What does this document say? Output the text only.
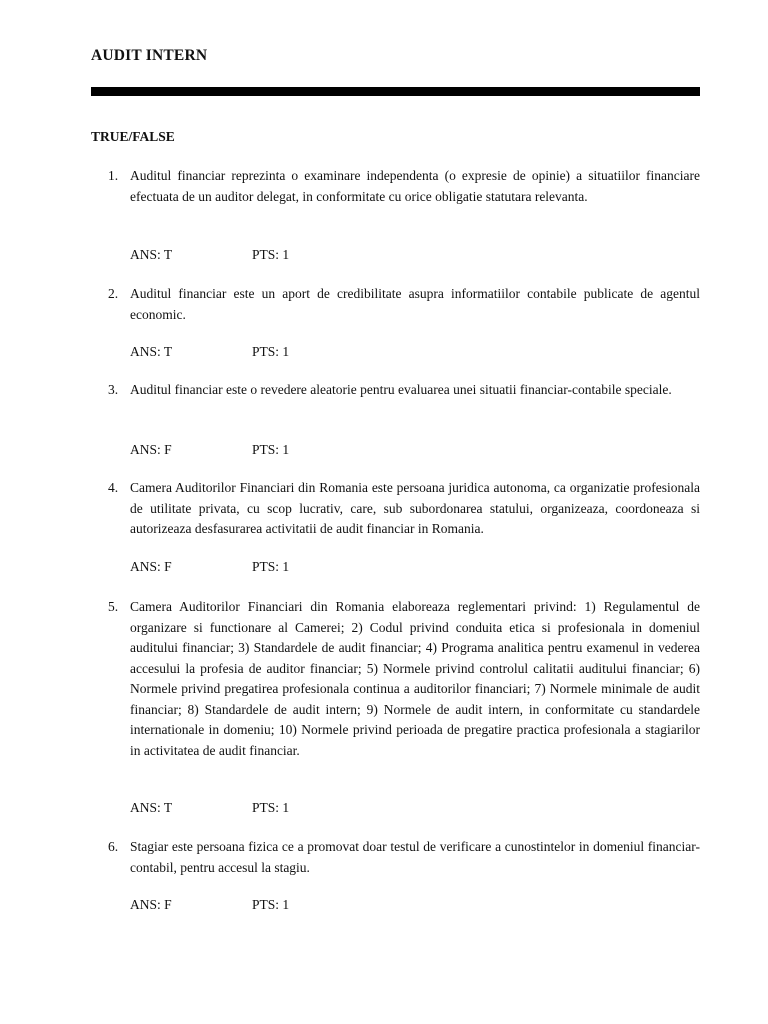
AUDIT INTERN
TRUE/FALSE
1. Auditul financiar reprezinta o examinare independenta (o expresie de opinie) a situatiilor financiare efectuata de un auditor delegat, in conformitate cu orice obligatie statutara relevanta.

ANS: T	PTS: 1
2. Auditul financiar este un aport de credibilitate asupra informatiilor contabile publicate de agentul economic.

ANS: T	PTS: 1
3. Auditul financiar este o revedere aleatorie pentru evaluarea unei situatii financiar-contabile speciale.

ANS: F	PTS: 1
4. Camera Auditorilor Financiari din Romania este persoana juridica autonoma, ca organizatie profesionala de utilitate privata, cu scop lucrativ, care, sub subordonarea statului, organizeaza, coordoneaza si autorizeaza desfasurarea activitatii de audit financiar in Romania.

ANS: F	PTS: 1
5. Camera Auditorilor Financiari din Romania elaboreaza reglementari privind: 1) Regulamentul de organizare si functionare al Camerei; 2) Codul privind conduita etica si profesionala in domeniul auditului financiar; 3) Standardele de audit financiar; 4) Programa analitica pentru examenul in vederea accesului la profesia de auditor financiar; 5) Normele privind controlul calitatii auditului financiar; 6) Normele privind pregatirea profesionala continua a auditorilor financiari; 7) Normele minimale de audit financiar; 8) Standardele de audit intern; 9) Normele de audit intern, in conformitate cu standardele internationale in domeniu; 10) Normele privind perioada de pregatire practica profesionala a stagiarilor in activitatea de audit financiar.

ANS: T	PTS: 1
6. Stagiar este persoana fizica ce a promovat doar testul de verificare a cunostintelor in domeniul financiar-contabil, pentru accesul la stagiu.

ANS: F	PTS: 1
